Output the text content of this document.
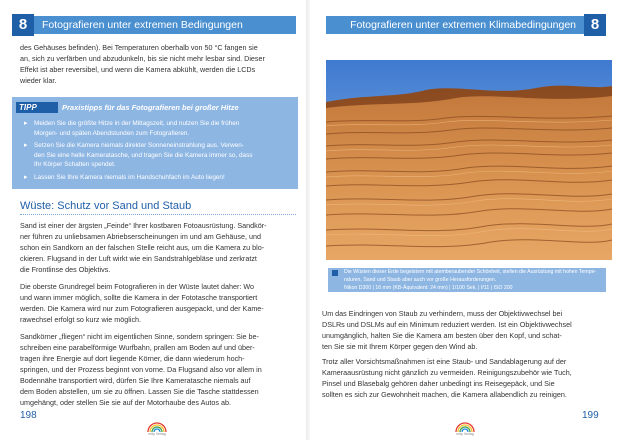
8	Fotografieren unter extremen Bedingungen
des Gehäuses befinden). Bei Temperaturen oberhalb von 50 °C fangen sie
an, sich zu verfärben und abzudunkeln, bis sie nicht mehr lesbar sind. Dieser
Effekt ist aber reversibel, und wenn die Kamera abkühlt, werden die LCDs
wieder klar.
TIPP	Praxistipps für das Fotografieren bei großer Hitze
▸ Meiden Sie die größte Hitze in der Mittagszeit, und nutzen Sie die frühen
Morgen- und späten Abendstunden zum Fotografieren.
▸ Setzen Sie die Kamera niemals direkter Sonneneinstrahlung aus. Verwen-
den Sie eine helle Kameratasche, und tragen Sie die Kamera immer so, dass
Ihr Körper Schatten spendet.
▸ Lassen Sie Ihre Kamera niemals im Handschuhfach im Auto liegen!
Wüste: Schutz vor Sand und Staub
Sand ist einer der ärgsten „Feinde“ Ihrer kostbaren Fotoausrüstung. Sandkör-
ner führen zu unliebsamen Abriebserscheinungen im und am Gehäuse, und
schon ein Sandkorn an der falschen Stelle reicht aus, um die Kamera zu blo-
ckieren. Flugsand in der Luft wirkt wie ein Sandstrahlgebläse und zerkratzt
die Frontlinse des Objektivs.
Die oberste Grundregel beim Fotografieren in der Wüste lautet daher: Wo
und wann immer möglich, sollte die Kamera in der Fototasche transportiert
werden. Die Kamera wird nur zum Fotografieren ausgepackt, und der Kame-
rawechsel erfolgt so kurz wie möglich.
Sandkörner „fliegen“ nicht im eigentlichen Sinne, sondern springen: Sie be-
schreiben eine parabelförmige Wurfbahn, prallen am Boden auf und über-
tragen ihre Energie auf dort liegende Körner, die dann wiederum hoch-
springen, und der Prozess beginnt von vorne. Da Flugsand also vor allem in
Bodennähe transportiert wird, dürfen Sie Ihre Kameratasche niemals auf
dem Boden abstellen, um sie zu öffnen. Lassen Sie die Tasche stattdessen
umgehängt, oder stellen Sie sie auf der Motorhaube des Autos ab.
198
mitp Verlag
Fotografieren unter extremen Klimabedingungen 8
Die Wüsten dieser Erde begeistern mit atemberaubender Schönheit, stellen die Ausrüstung mit hohen Tempe-
raturen, Sand und Staub aber auch vor große Herausforderungen.
Nikon D300 | 16 mm (KB-Äquivalent: 24 mm) | 1/100 Sek. | f/11 | ISO 200
Um das Eindringen von Staub zu verhindern, muss der Objektivwechsel bei
DSLRs und DSLMs auf ein Minimum reduziert werden. Ist ein Objektivwechsel
unumgänglich, halten Sie die Kamera am besten über den Kopf, und schat-
ten Sie sie mit Ihrem Körper gegen den Wind ab.
Trotz aller Vorsichtsmaßnahmen ist eine Staub- und Sandablagerung auf der
Kameraausrüstung nicht gänzlich zu vermeiden. Reinigungszubehör wie Tuch,
Pinsel und Blasebalg gehören daher unbedingt ins Reisegepäck, und Sie
sollten es sich zur Gewohnheit machen, die Kamera allabendlich zu reinigen.
199
mitp Verlag
